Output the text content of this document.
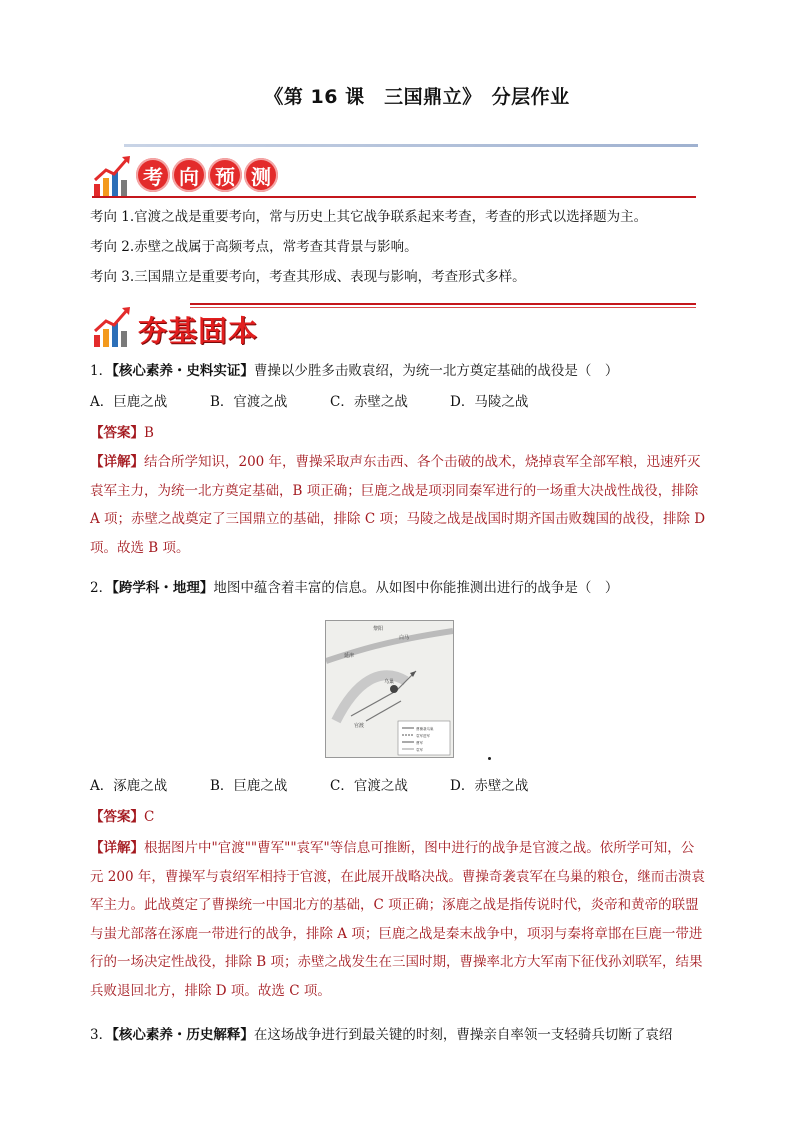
《第 16 课　三国鼎立》　分层作业
考 向 预 测
考向 1.官渡之战是重要考向，常与历史上其它战争联系起来考查，考查的形式以选择题为主。
考向 2.赤壁之战属于高频考点，常考查其背景与影响。
考向 3.三国鼎立是重要考向，考查其形成、表现与影响，考查形式多样。
夯基固本
1．【核心素养・史料实证】曹操以少胜多击败袁绍，为统一北方奠定基础的战役是（　）
A．巨鹿之战	B．官渡之战	C．赤壁之战	D．马陵之战
【答案】B
【详解】结合所学知识，200 年，曹操采取声东击西、各个击破的战术，烧掉袁军全部军粮，迅速歼灭袁军主力，为统一北方奠定基础，B 项正确；巨鹿之战是项羽同秦军进行的一场重大决战性战役，排除 A 项；赤壁之战奠定了三国鼎立的基础，排除 C 项；马陵之战是战国时期齐国击败魏国的战役，排除 D 项。故选 B 项。
2．【跨学科・地理】地图中蕴含着丰富的信息。从如图中你能推测出进行的战争是（　）
黎阳
白马
延津
乌巢
官渡	曹操袭乌巢
袁军进军
曹军
袁军
A．涿鹿之战	B．巨鹿之战	C．官渡之战	D．赤壁之战
【答案】C
【详解】根据图片中"官渡""曹军""袁军"等信息可推断，图中进行的战争是官渡之战。依所学可知，公元 200 年，曹操军与袁绍军相持于官渡，在此展开战略决战。曹操奇袭袁军在乌巢的粮仓，继而击溃袁军主力。此战奠定了曹操统一中国北方的基础，C 项正确；涿鹿之战是指传说时代，炎帝和黄帝的联盟与蚩尤部落在涿鹿一带进行的战争，排除 A 项；巨鹿之战是秦末战争中，项羽与秦将章邯在巨鹿一带进行的一场决定性战役，排除 B 项；赤壁之战发生在三国时期，曹操率北方大军南下征伐孙刘联军，结果兵败退回北方，排除 D 项。故选 C 项。
3．【核心素养・历史解释】在这场战争进行到最关键的时刻，曹操亲自率领一支轻骑兵切断了袁绍
